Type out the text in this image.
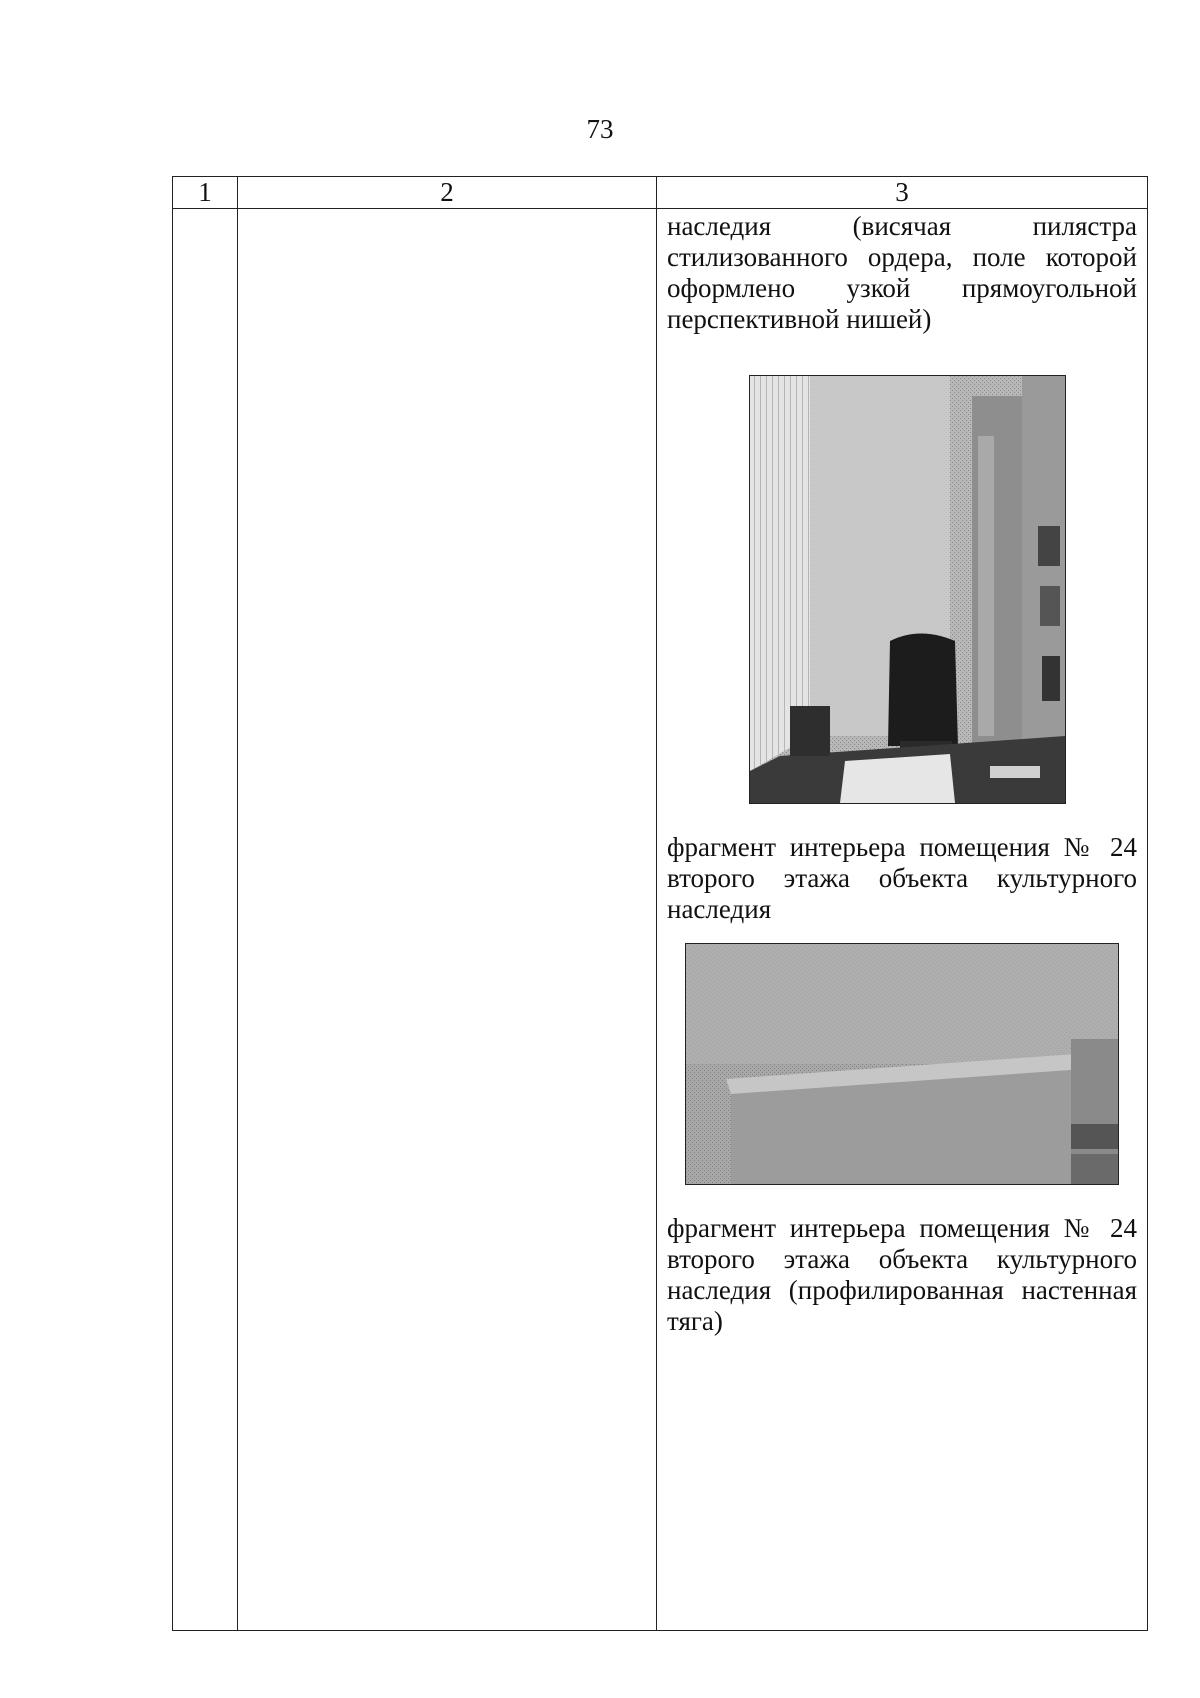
73
1	2	3

		наследия (висячая пилястра стилизованного ордера, поле которой оформлено узкой прямоугольной перспективной нишей)

фрагмент интерьера помещения № 24 второго этажа объекта культурного наследия

фрагмент интерьера помещения № 24 второго этажа объекта культурного наследия (профилированная настенная тяга)
